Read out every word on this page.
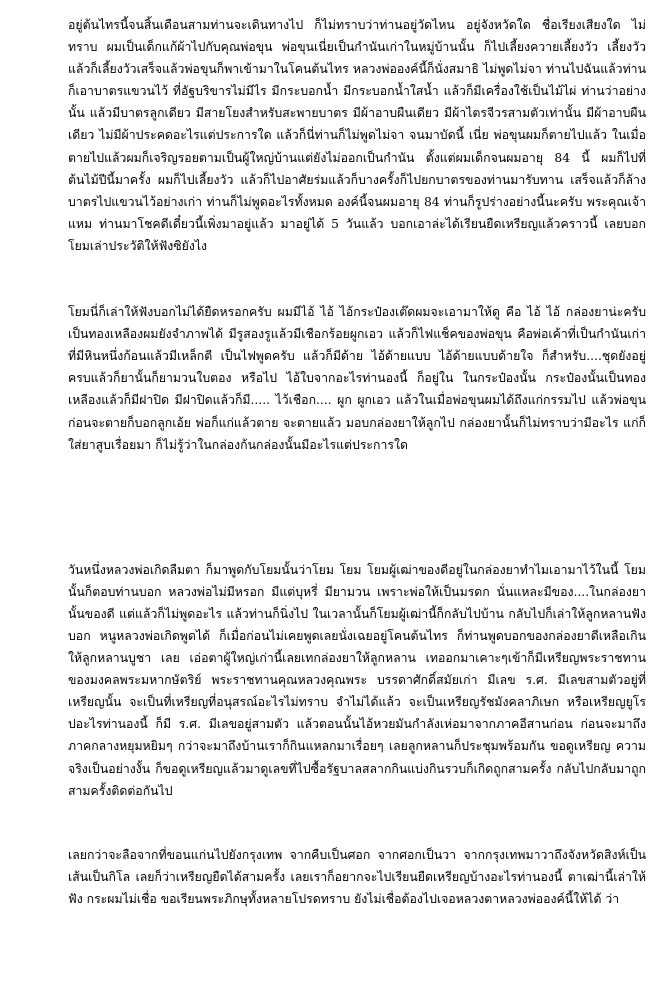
อยู่ต้นไทรนี้จนสิ้นเดือนสามท่านจะเดินทางไป ก็ไม่ทราบว่าท่านอยู่วัดไหน อยู่จังหวัดใด ชื่อเรียงเสียงใด ไม่ทราบ ผมเป็นเด็กแก้ผ้าไปกับคุณพ่อขุน พ่อขุนเนี่ยเป็นกำนันเก่าในหมู่บ้านนั้น ก็ไปเลี้ยงควายเลี้ยงวัว เลี้ยงวัวแล้วก็เลี้ยงวัวเสร็จแล้วพ่อขุนก็พาเข้ามาในโคนต้นไทร หลวงพ่อองค์นี้ก็นั่งสมาธิ ไม่พูดไม่จา ท่านไปฉันแล้วท่านก็เอาบาตรแขวนไว้ ที่อัฐบริขารไม่มีไร มีกระบอกน้ำ มีกระบอกน้ำใสน้ำ แล้วก็มีเครื่องใช้เป็นไม้ไผ่ ท่านว่าอย่างนั้น แล้วมีบาตรลูกเดียว มีสายโยงสำหรับสะพายบาตร มีผ้าอาบผืนเดียว มีผ้าไตรจีวรสามตัวเท่านั้น มีผ้าอาบผืนเดียว ไม่มีผ้าประคดอะไรแต่ประการใด แล้วก็นี่ท่านก็ไม่พูดไม่จา จนมาบัดนี้ เนี่ย พ่อขุนผมก็ตายไปแล้ว ในเมื่อตายไปแล้วผมก็เจริญรอยตามเป็นผู้ใหญ่บ้านแต่ยังไม่ออกเป็นกำนัน ตั้งแต่ผมเด็กจนผมอายุ 84 นี้ ผมก็ไปที่ต้นไม้ปีนี้มาครั้ง ผมก็ไปเลี้ยงวัว แล้วก็ไปอาศัยร่มแล้วก็บางครั้งก็ไปยกบาตรของท่านมารับทาน เสร็จแล้วก็ล้างบาตรไปแขวนไว้อย่างเก่า ท่านก็ไม่พูดอะไรทั้งหมด องค์นี้จนผมอายุ 84 ท่านก็รูปร่างอย่างนี้นะครับ พระคุณเจ้า แหม ท่านมาโชคดีเดี๋ยวนี้เพิ่งมาอยู่แล้ว มาอยู่ได้ 5 วันแล้ว บอกเอาล่ะได้เรียนยืดเหรียญแล้วคราวนี้ เลยบอกโยมเล่าประวัติให้ฟังซิยังไง

โยมนี่ก็เล่าให้ฟังบอกไม่ได้ยืดหรอกครับ ผมมีไอ้ ไอ้ ไอ้กระป๋องเต๊ดผมจะเอามาให้ดู คือ ไอ้ ไอ้ กล่องยาน่ะครับ เป็นทองเหลืองผมยังจำภาพได้ มีรูสองรูแล้วมีเชือกร้อยผูกเอว แล้วก็ไฟแช็คของพ่อขุน คือพ่อเค้าที่เป็นกำนันเก่าที่มีหินหนึ่งก้อนแล้วมีเหล็กตี เป็นไฟพูดครับ แล้วก็มีด้าย ไอ้ด้ายแบบ ไอ้ด้ายแบบด้ายใจ ก็สำหรับ....ชุดยังอยู่ครบแล้วก็ยานั้นก็ยามวนใบตอง หรือไป ไอ้ใบจากอะไรท่านองนี้ ก็อยู่ใน ในกระป๋องนั้น กระป๋องนั้นเป็นทองเหลืองแล้วก็มีฝาปิด มีฝาปิดแล้วก็มี..... ไว้เชือก.... ผูก ผูกเอว แล้วในเมื่อพ่อขุนผมได้ถึงแก่กรรมไป แล้วพ่อขุนก่อนจะตายก็บอกลูกเอ้ย พ่อก็แก่แล้วตาย จะตายแล้ว มอบกล่องยาให้ลูกไป กล่องยานั้นก็ไม่ทราบว่ามีอะไร แก่ก็ใส่ยาสูบเรื่อยมา ก็ไม่รู้ว่าในกล่องก้นกล่องนั้นมีอะไรแต่ประการใด

วันหนึ่งหลวงพ่อเกิดลืมตา ก็มาพูดกับโยมนั้นว่าโยม โยม โยมผู้เฒ่าของดีอยู่ในกล่องยาทำไมเอามาไว้ในนี้ โยมนั้นก็ตอบท่านบอก หลวงพ่อไม่มีหรอก มีแต่บุหรี่ มียามวน เพราะพ่อให้เป็นมรดก นั่นแหละมีของ....ในกล่องยานั้นของดี แต่แล้วก็ไม่พูดอะไร แล้วท่านก็นิ่งไป ในเวลานั้นก็โยมผู้เฒ่านี้ก็กลับไปบ้าน กลับไปก็เล่าให้ลูกหลานฟังบอก หนูหลวงพ่อเกิดพูดได้ ก็เมื่อก่อนไม่เคยพูดเลยนั่งเฉยอยู่โคนต้นไทร ก็ท่านพูดบอกของกล่องยาดีเหลือเกิน ให้ลูกหลานบูชา เลย เอ่อตาผู้ใหญ่เก่านี้เลยเทกล่องยาให้ลูกหลาน เทออกมาเคาะๆเข้าก็มีเหรียญพระราชทานของมงคลพระมหากษัตริย์ พระราชทานคุณหลวงคุณพระ บรรดาศักดิ์สมัยเก่า มีเลข ร.ศ. มีเลขสามตัวอยู่ที่เหรียญนั้น จะเป็นที่เหรียญที่อนุสรณ์อะไรไม่ทราบ จำไม่ได้แล้ว จะเป็นเหรียญรัชมังคลาภิเษก หรือเหรียญยูโรปอะไรท่านองนี้ ก็มี ร.ศ. มีเลขอยู่สามตัว แล้วตอนนั้นไอ้หวยมันกำลังเห่อมาจากภาคอีสานก่อน ก่อนจะมาถึงภาคกลางหยุมหยิมๆ กว่าจะมาถึงบ้านเราก็กินแหลกมาเรื่อยๆ เลยลูกหลานก็ประชุมพร้อมกัน ขอดูเหรียญ ความจริงเป็นอย่างงั้น ก็ขอดูเหรียญแล้วมาดูเลขที่ไปซื้อรัฐบาลสลากกินแบ่งกินรวบก็เกิดถูกสามครั้ง กลับไปกลับมาถูกสามครั้งติดต่อกันไป

เลยกว่าจะลือจากที่ขอนแก่นไปยังกรุงเทพ จากคืบเป็นศอก จากศอกเป็นวา จากกรุงเทพมาวาถึงจังหวัดสิงห์เป็นเส้นเป็นกิโล เลยก็ว่าเหรียญยืดได้สามครั้ง เลยเราก็อยากจะไปเรียนยืดเหรียญบ้างอะไรท่านองนี้ ตาเฒ่านี้เล่าให้ฟัง กระผมไม่เชื่อ ขอเรียนพระภิกษุทั้งหลายโปรดทราบ ยังไม่เชื่อต้องไปเจอหลวงตาหลวงพ่อองค์นี้ให้ได้ ว่า
